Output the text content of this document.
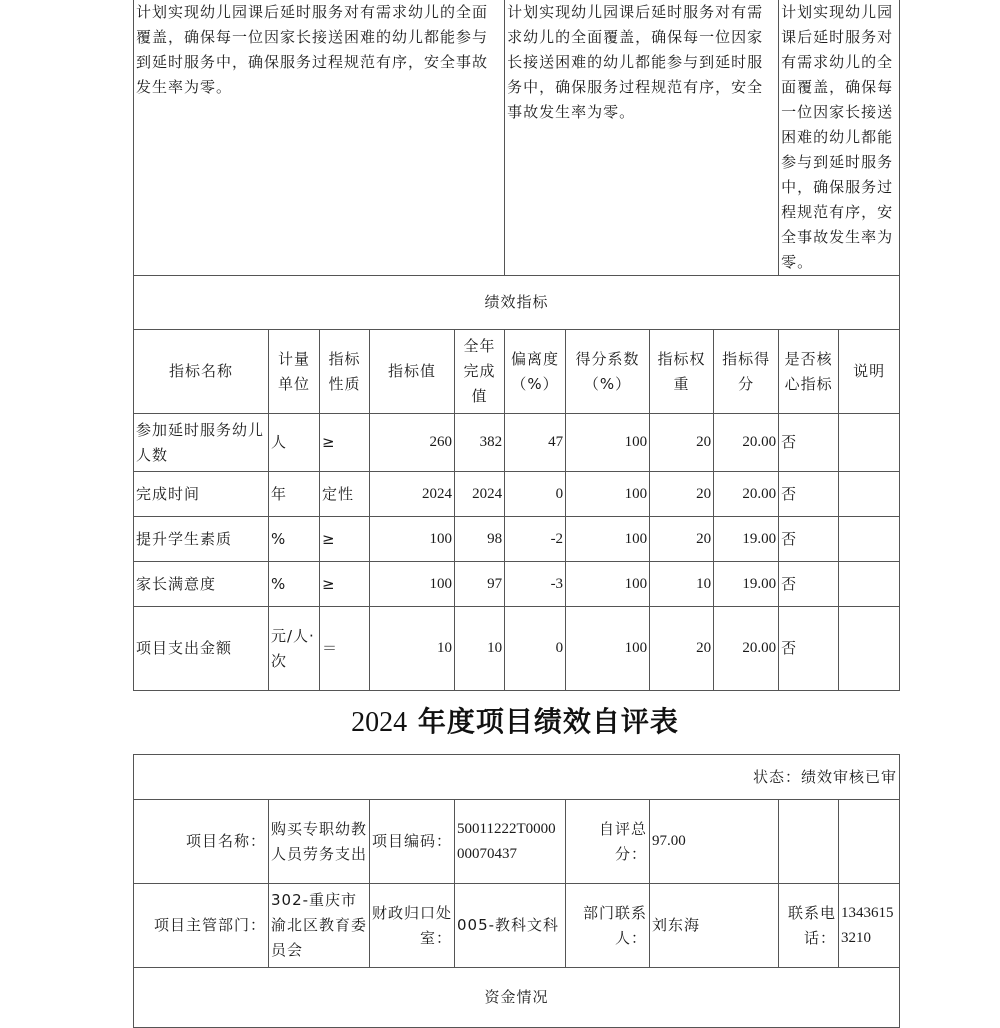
计划实现幼儿园课后延时服务对有需求幼儿的全面覆盖，确保每一位因家长接送困难的幼儿都能参与到延时服务中，确保服务过程规范有序，安全事故发生率为零。					计划实现幼儿园课后延时服务对有需求幼儿的全面覆盖，确保每一位因家长接送困难的幼儿都能参与到延时服务中，确保服务过程规范有序，安全事故发生率为零。				计划实现幼儿园课后延时服务对有需求幼儿的全面覆盖，确保每一位因家长接送困难的幼儿都能参与到延时服务中，确保服务过程规范有序，安全事故发生率为零。	
绩效指标										
指标名称	计量单位	指标性质	指标值	全年完成值	偏离度（%）	得分系数（%）	指标权重	指标得分	是否核心指标	说明
参加延时服务幼儿人数	人	≥	260	382	47	100	20	20.00	否	
完成时间	年	定性	2024	2024	0	100	20	20.00	否	
提升学生素质	%	≥	100	98	-2	100	20	19.00	否	
家长满意度	%	≥	100	97	-3	100	10	19.00	否	
项目支出金额	元/人·次	＝	10	10	0	100	20	20.00	否	
2024 年度项目绩效自评表
状态：绩效审核已审							
项目名称：	购买专职幼教人员劳务支出	项目编码：	50011222T000000070437	自评总分：	97.00		
项目主管部门：	302-重庆市渝北区教育委员会	财政归口处室：	005-教科文科	部门联系人：	刘东海	联系电话：	13436153210
资金情况							
